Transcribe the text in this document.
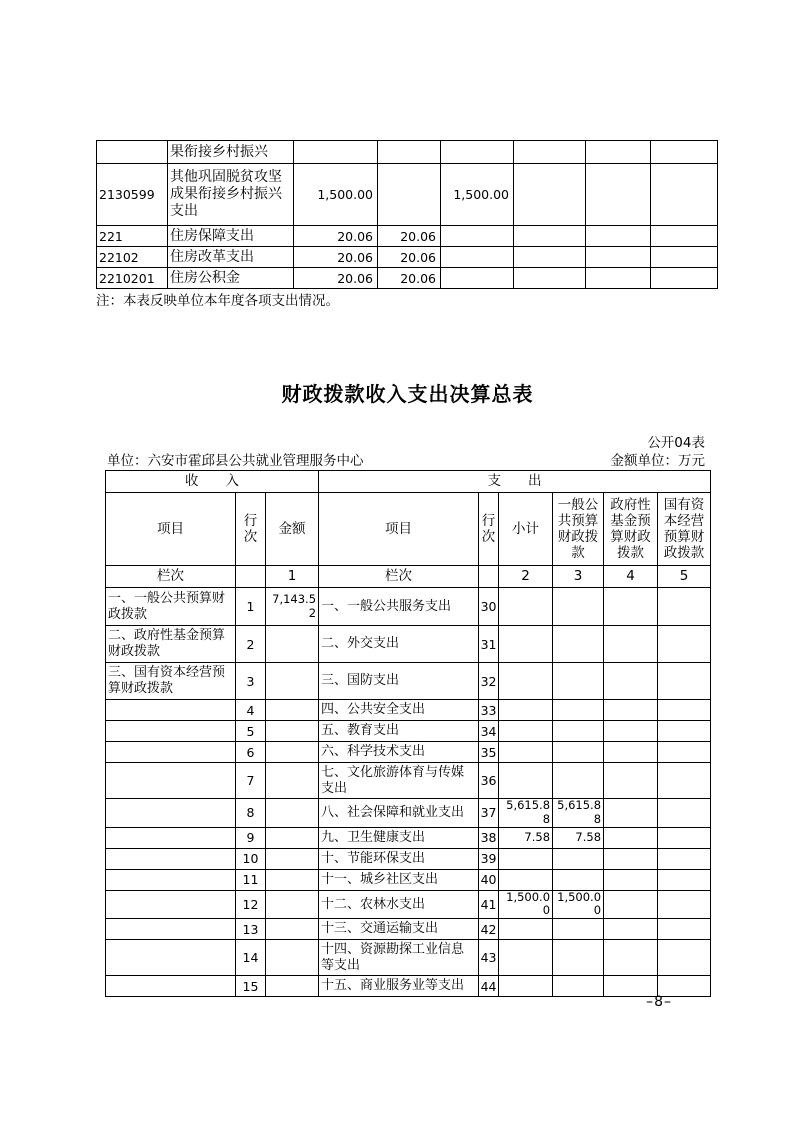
	果衔接乡村振兴						
2130599	其他巩固脱贫攻坚成果衔接乡村振兴支出	1,500.00		1,500.00			
221	住房保障支出	20.06	20.06				
22102	住房改革支出	20.06	20.06				
2210201	住房公积金	20.06	20.06				
注：本表反映单位本年度各项支出情况。
财政拨款收入支出决算总表
公开04表
单位：六安市霍邱县公共就业管理服务中心	金额单位：万元
收　　入			支　　出					
项目	行次	金额	项目	行次	小计	一般公共预算财政拨款	政府性基金预算财政拨款	国有资本经营预算财政拨款
栏次		1	栏次		2	3	4	5
一、一般公共预算财政拨款	1	7,143.52	一、一般公共服务支出	30				
二、政府性基金预算财政拨款	2		二、外交支出	31				
三、国有资本经营预算财政拨款	3		三、国防支出	32				
	4		四、公共安全支出	33				
	5		五、教育支出	34				
	6		六、科学技术支出	35				
	7		七、文化旅游体育与传媒支出	36				
	8		八、社会保障和就业支出	37	5,615.88	5,615.88		
	9		九、卫生健康支出	38	7.58	7.58		
	10		十、节能环保支出	39				
	11		十一、城乡社区支出	40				
	12		十二、农林水支出	41	1,500.00	1,500.00		
	13		十三、交通运输支出	42				
	14		十四、资源勘探工业信息等支出	43				
	15		十五、商业服务业等支出	44				
–8–
